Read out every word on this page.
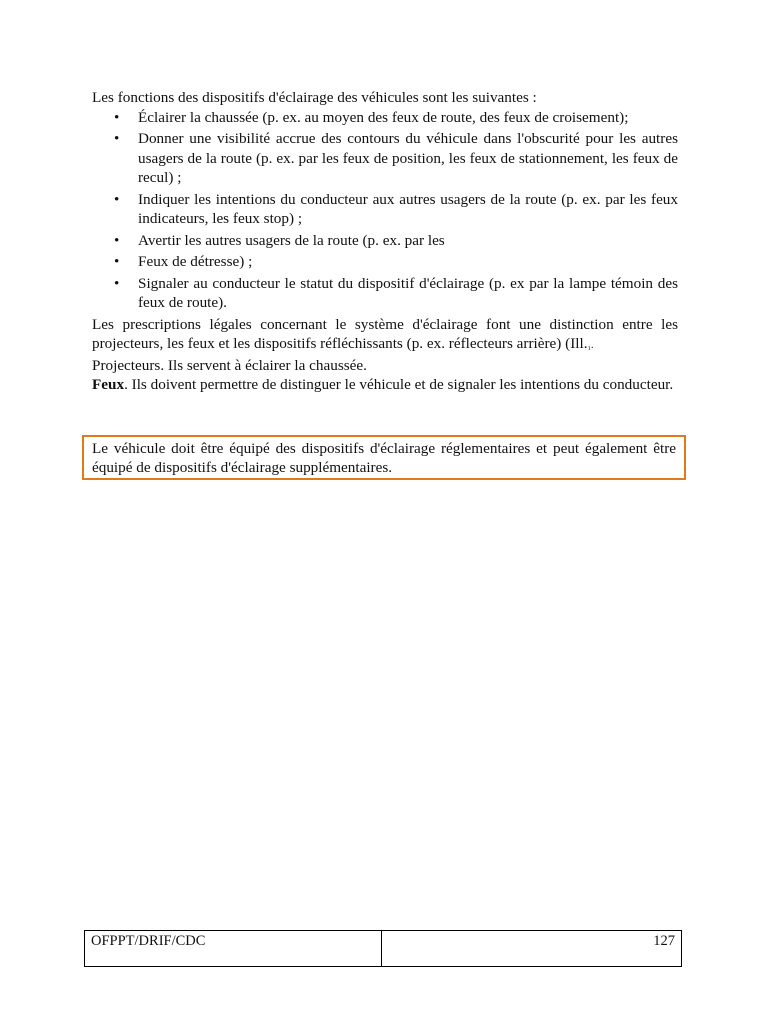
Les fonctions des dispositifs d'éclairage des véhicules sont les suivantes :

•	Éclairer la chaussée (p. ex. au moyen des feux de route, des feux de croisement);
•	Donner une visibilité accrue des contours du véhicule dans l'obscurité pour les autres usagers de la route (p. ex. par les feux de position, les feux de stationnement, les feux de recul) ;
•	Indiquer les intentions du conducteur aux autres usagers de la route (p. ex. par les feux indicateurs, les feux stop) ;
•	Avertir les autres usagers de la route (p. ex. par les
•	Feux de détresse) ;
•	Signaler au conducteur le statut du dispositif d'éclairage (p. ex par la lampe témoin des feux de route).

Les prescriptions légales concernant le système d'éclairage font une distinction entre les projecteurs, les feux et les dispositifs réfléchissants (p. ex. réflecteurs arrière) (Ill.₁.

Projecteurs. Ils servent à éclairer la chaussée.

Feux. Ils doivent permettre de distinguer le véhicule et de signaler les intentions du conducteur.

Le véhicule doit être équipé des dispositifs d'éclairage réglementaires et peut également être équipé de dispositifs d'éclairage supplémentaires.
OFPPT/DRIF/CDC	127
